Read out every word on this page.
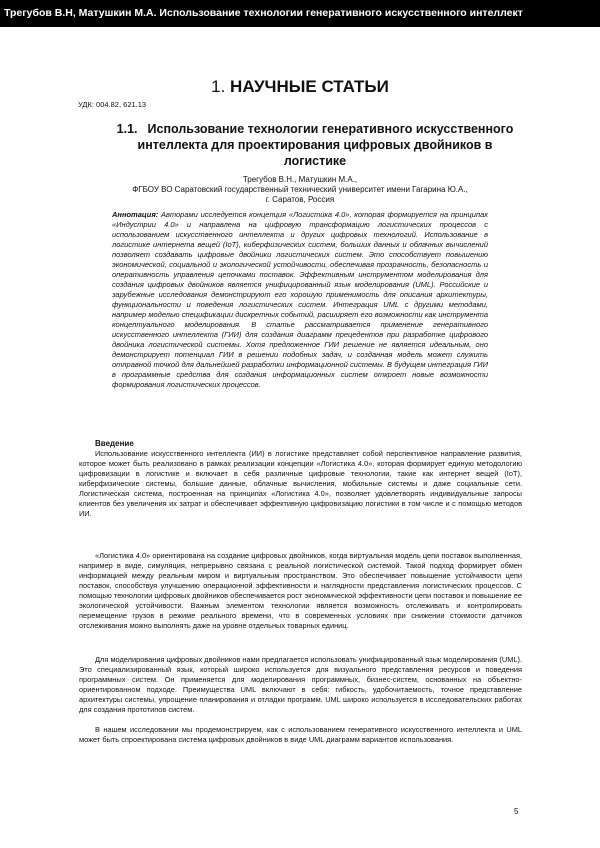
Трегубов В.Н, Матушкин М.А. Использование технологии генеративного искусственного интеллект
1. НАУЧНЫЕ СТАТЬИ
УДК: 004.82, 621.13
1.1. Использование технологии генеративного искусственного интеллекта для проектирования цифровых двойников в логистике
Трегубов В.Н., Матушкин М.А.,
ФГБОУ ВО Саратовский государственный технический университет имени Гагарина Ю.А.,
г. Саратов, Россия
Аннотация: Авторами исследуется концепция «Логистика 4.0», которая формируется на принципах «Индустрии 4.0» и направлена на цифровую трансформацию логистических процессов с использованием искусственного интеллекта и других цифровых технологий. Использование в логистике интернета вещей (IoT), киберфизических систем, больших данных и облачных вычислений позволяет создавать цифровые двойники логистических систем. Это способствует повышению экономической, социальной и экологической устойчивости, обеспечивая прозрачность, безопасность и оперативность управления цепочками поставок. Эффективным инструментом моделирования для создания цифровых двойников является унифицированный язык моделирования (UML). Российские и зарубежные исследования демонстрируют его хорошую применимость для описания архитектуры, функциональности и поведения логистических систем. Интеграция UML с другими методами, например моделью спецификации дискретных событий, расширяет его возможности как инструмента концептуального моделирования. В статье рассматривается применение генеративного искусственного интеллекта (ГИИ) для создания диаграмм прецедентов при разработке цифрового двойника логистической системы. Хотя предложенное ГИИ решение не является идеальным, оно демонстрирует потенциал ГИИ в решении подобных задач, и созданная модель может служить отправной точкой для дальнейшей разработки информационной системы. В будущем интеграция ГИИ в программные средства для создания информационных систем откроет новые возможности формирования логистических процессов.
Введение

Использование искусственного интеллекта (ИИ) в логистике представляет собой перспективное направление развития, которое может быть реализовано в рамках реализации концепции «Логистика 4.0», которая формирует единую методологию цифровизации в логистике и включает в себя различные цифровые технологии, такие как интернет вещей (IoT), киберфизические системы, большие данные, облачные вычисления, мобильные системы и даже социальные сети. Логистическая система, построенная на принципах «Логистика 4.0», позволяет удовлетворять индивидуальные запросы клиентов без увеличения их затрат и обеспечивает эффективную цифровизацию логистики в том числе и с помощью методов ИИ.

«Логистика 4.0» ориентирована на создание цифровых двойников, когда виртуальная модель цепи поставок выполненная, например в виде, симуляция, непрерывно связана с реальной логистической системой. Такой подход формирует обмен информацией между реальным миром и виртуальным пространством. Это обеспечивает повышение устойчивости цепи поставок, способствуя улучшению операционной эффективности и наглядности представления логистических процессов. С помощью технологии цифровых двойников обеспечивается рост экономической эффективности цепи поставок и повышение ее экологической устойчивости. Важным элементом технологии является возможность отслеживать и контролировать перемещение грузов в режиме реального времени, что в современных условиях при снижении стоимости датчиков отслеживания можно выполнять даже на уровне отдельных товарных единиц.

Для моделирования цифровых двойников нами предлагается использовать унифицированный язык моделирования (UML). Это специализированный язык, который широко используется для визуального представления ресурсов и поведения программных систем. Он применяется для моделирования программных, бизнес-систем, основанных на объектно-ориентированном подходе. Преимущества UML включают в себя: гибкость, удобочитаемость, точное представление архитектуры системы, упрощение планирования и отладки программ. UML широко используется в исследовательских работах для создания прототипов систем.

В нашем исследовании мы продемонстрируем, как с использованием генеративного искусственного интеллекта и UML может быть спроектирована система цифровых двойников в виде UML диаграмм вариантов использования.

5
